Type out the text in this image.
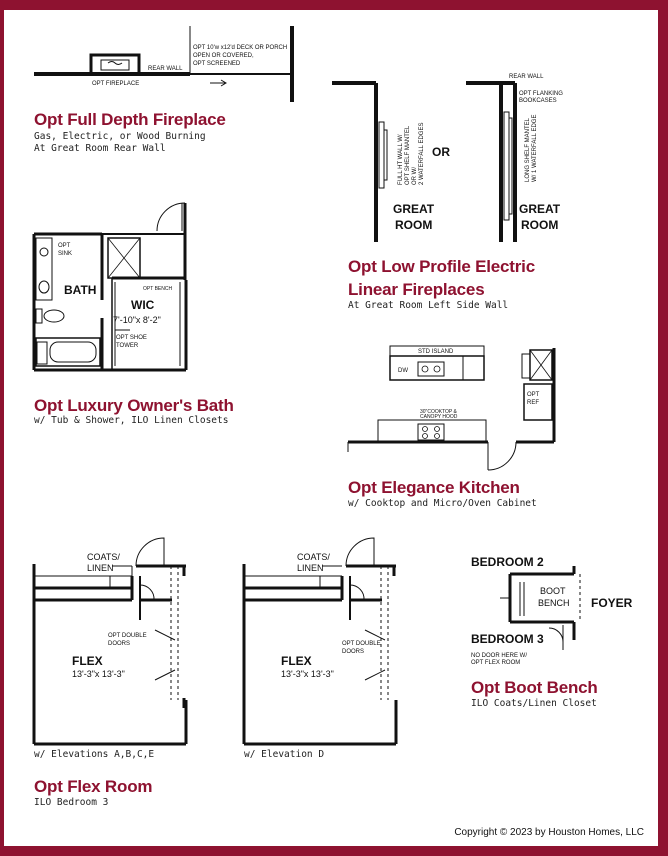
OPT FIREPLACE
REAR WALL
OPT 10'w x12'd DECK OR PORCH
OPEN OR COVERED,
OPT SCREENED
OR
REAR WALL
OPT FLANKING
BOOKCASES
GREAT
ROOM
GREAT
ROOM
FULL HT WALL W/ OPT SHELF MANTEL OR W/ 2 WATERFALL EDGES	LONG SHELF MANTEL W/ 1 WATERFALL EDGE
BATH
WIC
7'-10"x 8'-2"
OPT
SINK
OPT SHOE
TOWER
OPT BENCH
STD ISLAND
DW
30"COOKTOP &
CANOPY HOOD
OPT
REF
COATS/
LINEN
OPT DOUBLE
DOORS
FLEX
13'-3"x 13'-3"
COATS/
LINEN
OPT DOUBLE
DOORS
FLEX
13'-3"x 13'-3"
BEDROOM 2
BEDROOM 3
BOOT
BENCH FOYER
NO DOOR HERE W/
OPT FLEX ROOM
Opt Full Depth Fireplace
Gas, Electric, or Wood Burning
At Great Room Rear Wall
Opt Low Profile Electric
Linear Fireplaces
At Great Room Left Side Wall
Opt Luxury Owner's Bath
w/ Tub & Shower, ILO Linen Closets
Opt Elegance Kitchen
w/ Cooktop and Micro/Oven Cabinet
w/ Elevations A,B,C,E	w/ Elevation D
Opt Flex Room
ILO Bedroom 3
Opt Boot Bench
ILO Coats/Linen Closet
Copyright © 2023 by Houston Homes, LLC
